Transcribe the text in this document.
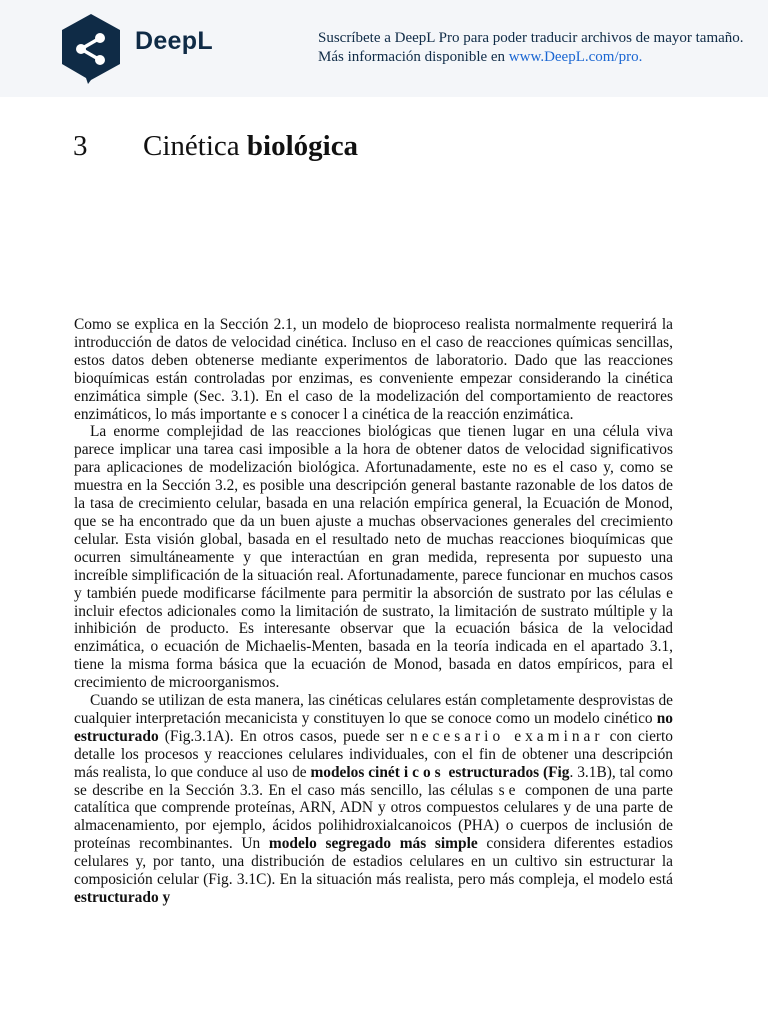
DeepL	Suscríbete a DeepL Pro para poder traducir archivos de mayor tamaño.
Más información disponible en www.DeepL.com/pro.
3 Cinética biológica

Como se explica en la Sección 2.1, un modelo de bioproceso realista normalmente requerirá la introducción de datos de velocidad cinética. Incluso en el caso de reacciones químicas sencillas, estos datos deben obtenerse mediante experimentos de laboratorio. Dado que las reacciones bioquímicas están controladas por enzimas, es conveniente empezar considerando la cinética enzimática simple (Sec. 3.1). En el caso de la modelización del comportamiento de reactores enzimáticos, lo más importante e s conocer l a cinética de la reacción enzimática.

La enorme complejidad de las reacciones biológicas que tienen lugar en una célula viva parece implicar una tarea casi imposible a la hora de obtener datos de velocidad significativos para aplicaciones de modelización biológica. Afortunadamente, este no es el caso y, como se muestra en la Sección 3.2, es posible una descripción general bastante razonable de los datos de la tasa de crecimiento celular, basada en una relación empírica general, la Ecuación de Monod, que se ha encontrado que da un buen ajuste a muchas observaciones generales del crecimiento celular. Esta visión global, basada en el resultado neto de muchas reacciones bioquímicas que ocurren simultáneamente y que interactúan en gran medida, representa por supuesto una increíble simplificación de la situación real. Afortunadamente, parece funcionar en muchos casos y también puede modificarse fácilmente para permitir la absorción de sustrato por las células e incluir efectos adicionales como la limitación de sustrato, la limitación de sustrato múltiple y la inhibición de producto. Es interesante observar que la ecuación básica de la velocidad enzimática, o ecuación de Michaelis-Menten, basada en la teoría indicada en el apartado 3.1, tiene la misma forma básica que la ecuación de Monod, basada en datos empíricos, para el crecimiento de microorganismos.

Cuando se utilizan de esta manera, las cinéticas celulares están completamente desprovistas de cualquier interpretación mecanicista y constituyen lo que se conoce como un modelo cinético no estructurado (Fig.3.1A). En otros casos, puede ser necesario examinar con cierto detalle los procesos y reacciones celulares individuales, con el fin de obtener una descripción más realista, lo que conduce al uso de modelos cinéticos estructurados (Fig. 3.1B), tal como se describe en la Sección 3.3. En el caso más sencillo, las células se componen de una parte catalítica que comprende proteínas, ARN, ADN y otros compuestos celulares y de una parte de almacenamiento, por ejemplo, ácidos polihidroxialcanoicos (PHA) o cuerpos de inclusión de proteínas recombinantes. Un modelo segregado más simple considera diferentes estadios celulares y, por tanto, una distribución de estadios celulares en un cultivo sin estructurar la composición celular (Fig. 3.1C). En la situación más realista, pero más compleja, el modelo está estructurado y
